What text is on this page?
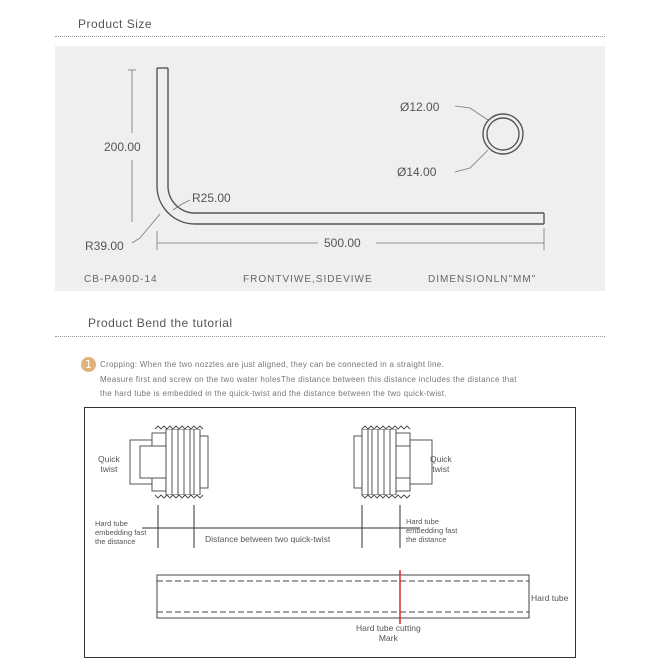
Product Size
200.00
R25.00
R39.00	500.00
Ø12.00
Ø14.00
CB-PA90D-14	FRONTVIWE,SIDEVIWE	DIMENSIONLN"MM"
Product Bend the tutorial
1	Cropping: When the two nozzles are just aligned, they can be connected in a straight line.
Measure first and screw on the two water holesThe distance between this distance includes the distance that
the hard tube is embedded in the quick-twist and the distance between the two quick-twist.
Quick
twist
Quick
twist
Hard tube
embedding fast
the distance
Hard tube
embedding fast
the distance
Distance between two quick-twist
Hard tube
Hard tube cutting
Mark
